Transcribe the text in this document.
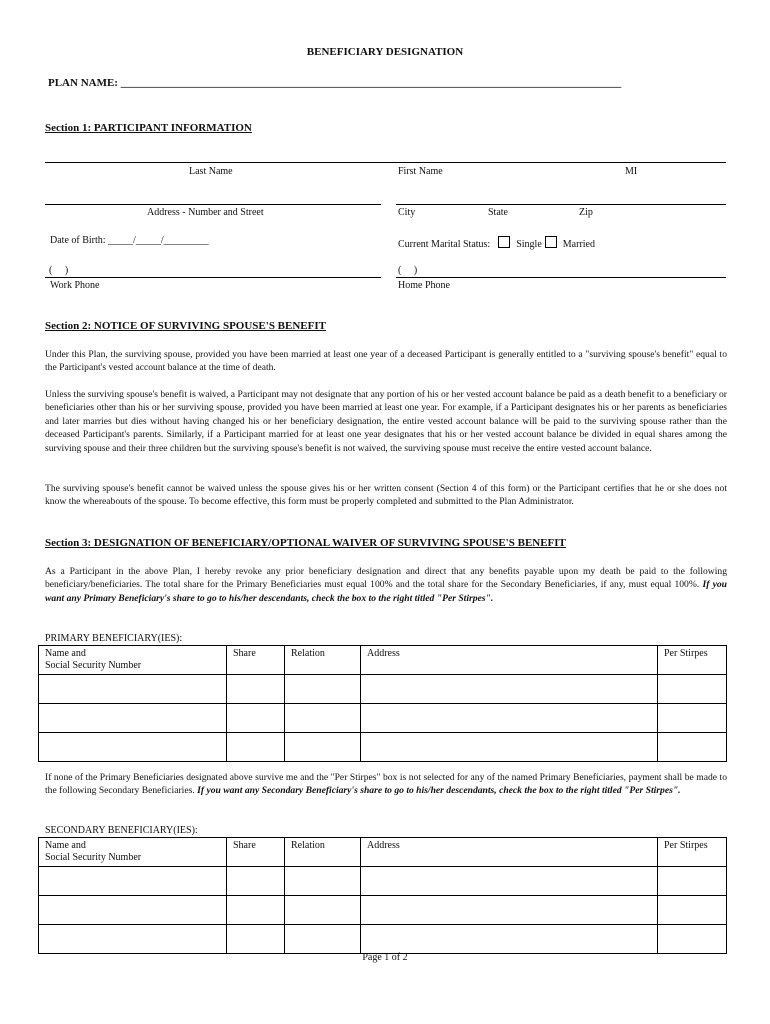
BENEFICIARY DESIGNATION
PLAN NAME: ___________________________________________________________________________________________
Section 1: PARTICIPANT INFORMATION
Last Name	First Name	MI
Address - Number and Street	City	State	Zip
Date of Birth: _____/_____/_________	Current Marital Status:	Single Married
(     )	(     )
Work Phone	Home Phone
Section 2: NOTICE OF SURVIVING SPOUSE'S BENEFIT
Under this Plan, the surviving spouse, provided you have been married at least one year of a deceased Participant is generally entitled to a "surviving spouse's benefit" equal to the Participant's vested account balance at the time of death.
Unless the surviving spouse's benefit is waived, a Participant may not designate that any portion of his or her vested account balance be paid as a death benefit to a beneficiary or beneficiaries other than his or her surviving spouse, provided you have been married at least one year. For example, if a Participant designates his or her parents as beneficiaries and later marries but dies without having changed his or her beneficiary designation, the entire vested account balance will be paid to the surviving spouse rather than the deceased Participant's parents. Similarly, if a Participant married for at least one year designates that his or her vested account balance be divided in equal shares among the surviving spouse and their three children but the surviving spouse's benefit is not waived, the surviving spouse must receive the entire vested account balance.
The surviving spouse's benefit cannot be waived unless the spouse gives his or her written consent (Section 4 of this form) or the Participant certifies that he or she does not know the whereabouts of the spouse. To become effective, this form must be properly completed and submitted to the Plan Administrator.
Section 3: DESIGNATION OF BENEFICIARY/OPTIONAL WAIVER OF SURVIVING SPOUSE'S BENEFIT
As a Participant in the above Plan, I hereby revoke any prior beneficiary designation and direct that any benefits payable upon my death be paid to the following beneficiary/beneficiaries. The total share for the Primary Beneficiaries must equal 100% and the total share for the Secondary Beneficiaries, if any, must equal 100%. If you want any Primary Beneficiary's share to go to his/her descendants, check the box to the right titled "Per Stirpes".
PRIMARY BENEFICIARY(IES):
Name and
Social Security Number	Share	Relation	Address	Per Stirpes

If none of the Primary Beneficiaries designated above survive me and the "Per Stirpes" box is not selected for any of the named Primary Beneficiaries, payment shall be made to the following Secondary Beneficiaries. If you want any Secondary Beneficiary's share to go to his/her descendants, check the box to the right titled "Per Stirpes".
SECONDARY BENEFICIARY(IES):
Name and
Social Security Number	Share	Relation	Address	Per Stirpes

Page 1 of 2
